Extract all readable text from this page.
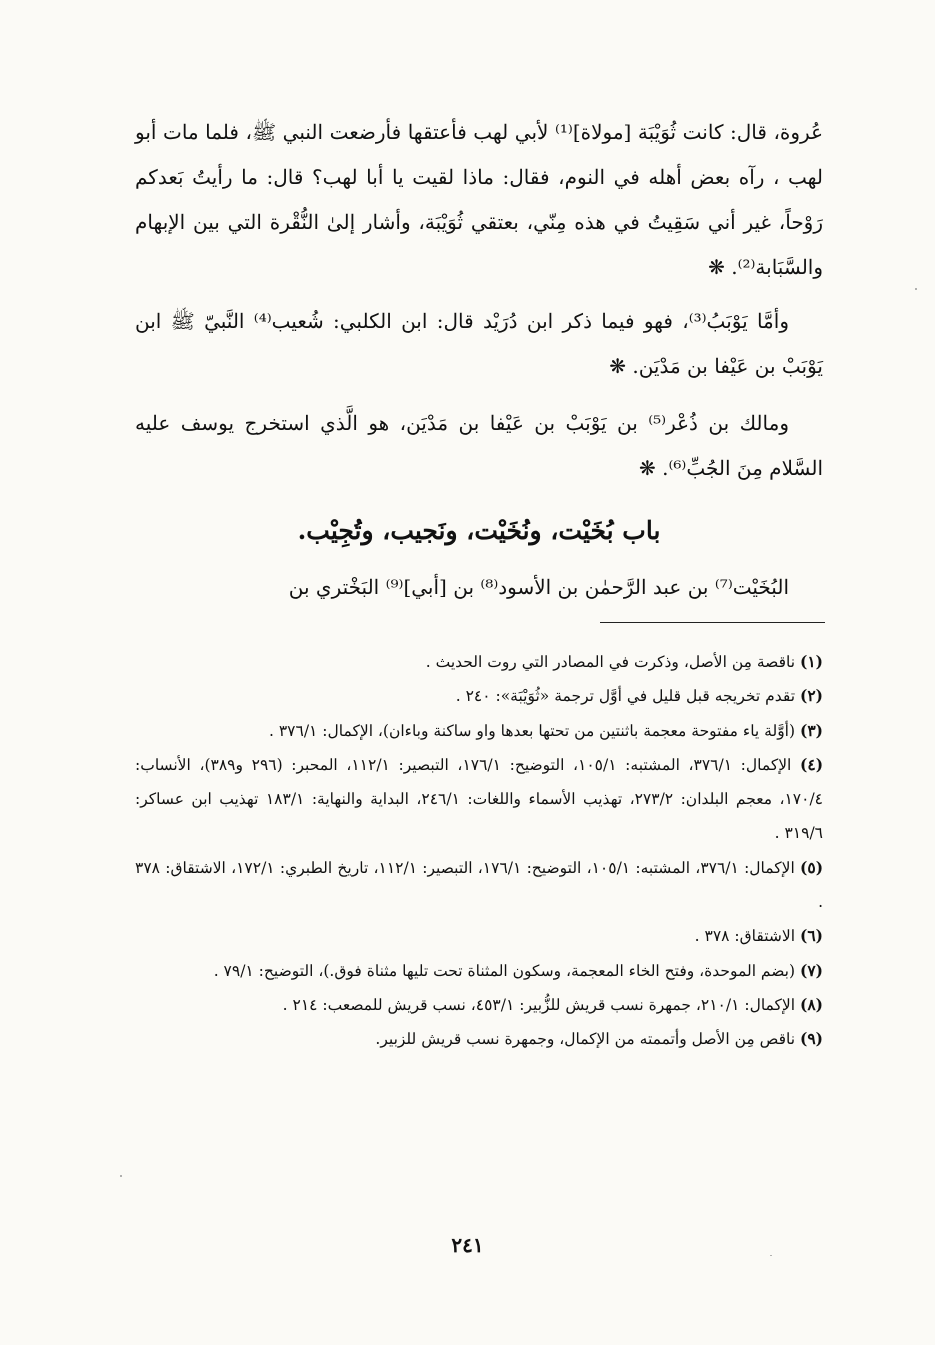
عُروة، قال: كانت ثُوَيْبَة [مولاة]⁽¹⁾ لأبي لهب فأعتقها فأرضعت النبي ﷺ، فلما مات أبو لهب ، رآه بعض أهله في النوم، فقال: ماذا لقيت يا أبا لهب؟ قال: ما رأيتُ بَعدكم رَوْحاً، غير أني سَقِيتُ في هذه مِنّي، بعتقي ثُوَيْبَة، وأشار إلىٰ النُّقْرة التي بين الإبهام والسَّبَابة⁽²⁾. ❋

وأمَّا يَوْبَبُ⁽³⁾، فهو فيما ذكر ابن دُرَيْد قال: ابن الكلبي: شُعيب⁽⁴⁾ النَّبيّ ﷺ ابن يَوْبَبْ بن عَيْفا بن مَدْيَن. ❋

ومالك بن ذُعْر⁽⁵⁾ بن يَوْبَبْ بن عَيْفا بن مَدْيَن، هو الَّذي استخرج يوسف عليه السَّلام مِنَ الجُبِّ⁽⁶⁾. ❋

باب بُخَيْت، ونُخَيْت، ونَجيب، وتُجِيْب.

البُخَيْت⁽⁷⁾ بن عبد الرَّحمٰن بن الأسود⁽⁸⁾ بن [أبي]⁽⁹⁾ البَخْتري بن

(١) ناقصة مِن الأصل، وذكرت في المصادر التي روت الحديث .

(٢) تقدم تخريجه قبل قليل في أوَّل ترجمة «ثُوَيْبَة»: ٢٤٠ .

(٣) (أوَّلة ياء مفتوحة معجمة باثنتين من تحتها بعدها واو ساكنة وباءان)، الإكمال: ٣٧٦/١ .

(٤) الإكمال: ٣٧٦/١، المشتبه: ١٠٥/١، التوضيح: ١٧٦/١، التبصير: ١١٢/١، المحبر: (٢٩٦ و٣٨٩)، الأنساب: ١٧٠/٤، معجم البلدان: ٢٧٣/٢، تهذيب الأسماء واللغات: ٢٤٦/١، البداية والنهاية: ١٨٣/١ تهذيب ابن عساكر: ٣١٩/٦ .

(٥) الإكمال: ٣٧٦/١، المشتبه: ١٠٥/١، التوضيح: ١٧٦/١، التبصير: ١١٢/١، تاريخ الطبري: ١٧٢/١، الاشتقاق: ٣٧٨ .

(٦) الاشتقاق: ٣٧٨ .

(٧) (بضم الموحدة، وفتح الخاء المعجمة، وسكون المثناة تحت تليها مثناة فوق.)، التوضيح: ٧٩/١ .

(٨) الإكمال: ٢١٠/١، جمهرة نسب قريش للزُّبير: ٤٥٣/١، نسب قريش للمصعب: ٢١٤ .

(٩) ناقص مِن الأصل وأتممته من الإكمال، وجمهرة نسب قريش للزبير.

٢٤١
